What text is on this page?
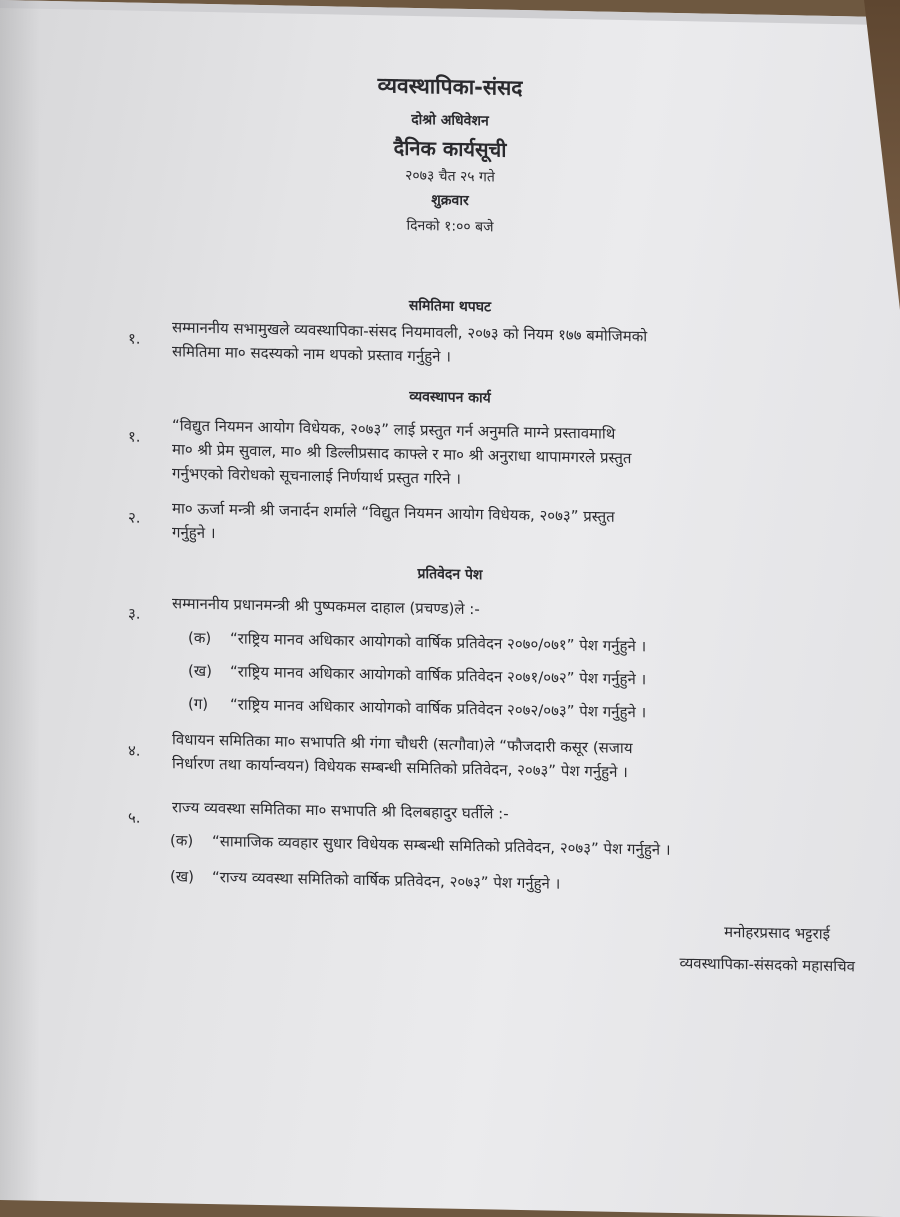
व्यवस्थापिका-संसद
दोश्रो अधिवेशन
दैनिक कार्यसूची
२०७३ चैत २५ गते
शुक्रवार
दिनको १:०० बजे
समितिमा थपघट
१. सम्माननीय सभामुखले व्यवस्थापिका-संसद नियमावली, २०७३ को नियम १७७ बमोजिमको
समितिमा मा० सदस्यको नाम थपको प्रस्ताव गर्नुहुने ।
व्यवस्थापन कार्य
१. “विद्युत नियमन आयोग विधेयक, २०७३” लाई प्रस्तुत गर्न अनुमति माग्ने प्रस्तावमाथि
मा० श्री प्रेम सुवाल, मा० श्री डिल्लीप्रसाद काफ्ले र मा० श्री अनुराधा थापामगरले प्रस्तुत
गर्नुभएको विरोधको सूचनालाई निर्णयार्थ प्रस्तुत गरिने ।
२. मा० ऊर्जा मन्त्री श्री जनार्दन शर्माले “विद्युत नियमन आयोग विधेयक, २०७३” प्रस्तुत
गर्नुहुने ।
प्रतिवेदन पेश
३. सम्माननीय प्रधानमन्त्री श्री पुष्पकमल दाहाल (प्रचण्ड)ले :-
(क) “राष्ट्रिय मानव अधिकार आयोगको वार्षिक प्रतिवेदन २०७०/०७१” पेश गर्नुहुने ।
(ख) “राष्ट्रिय मानव अधिकार आयोगको वार्षिक प्रतिवेदन २०७१/०७२” पेश गर्नुहुने ।
(ग) “राष्ट्रिय मानव अधिकार आयोगको वार्षिक प्रतिवेदन २०७२/०७३” पेश गर्नुहुने ।
४. विधायन समितिका मा० सभापति श्री गंगा चौधरी (सत्गौवा)ले “फौजदारी कसूर (सजाय
निर्धारण तथा कार्यान्वयन) विधेयक सम्बन्धी समितिको प्रतिवेदन, २०७३” पेश गर्नुहुने ।
५. राज्य व्यवस्था समितिका मा० सभापति श्री दिलबहादुर घर्तीले :-
(क) “सामाजिक व्यवहार सुधार विधेयक सम्बन्धी समितिको प्रतिवेदन, २०७३” पेश गर्नुहुने ।
(ख) “राज्य व्यवस्था समितिको वार्षिक प्रतिवेदन, २०७३” पेश गर्नुहुने ।
मनोहरप्रसाद भट्टराई
व्यवस्थापिका-संसदको महासचिव
